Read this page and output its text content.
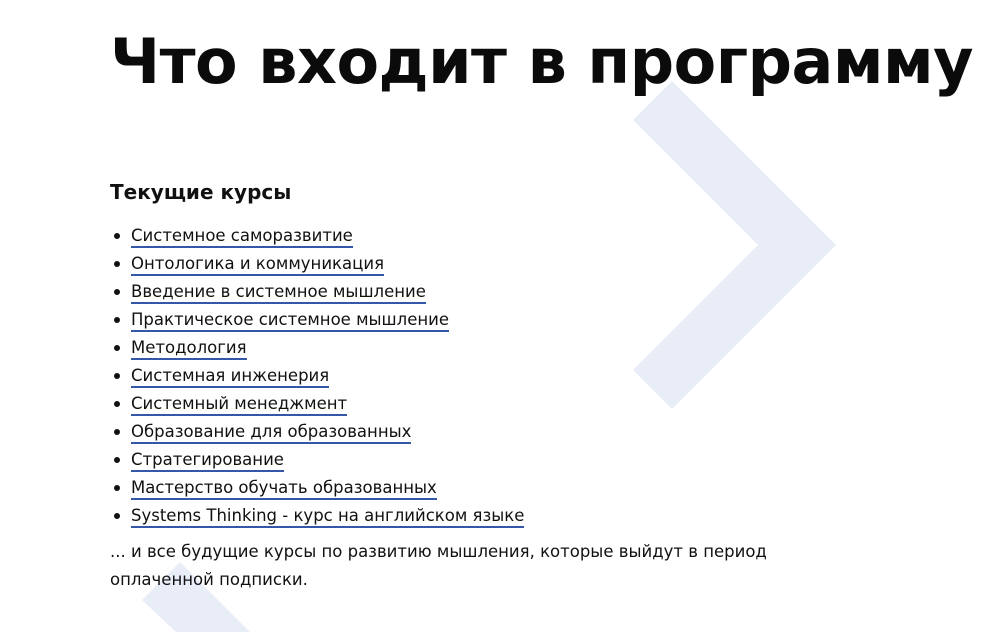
Что входит в программу
Текущие курсы
Системное саморазвитие
Онтологика и коммуникация
Введение в системное мышление
Практическое системное мышление
Методология
Системная инженерия
Системный менеджмент
Образование для образованных
Стратегирование
Мастерство обучать образованных
Systems Thinking - курс на английском языке

... и все будущие курсы по развитию мышления, которые выйдут в период оплаченной подписки.
